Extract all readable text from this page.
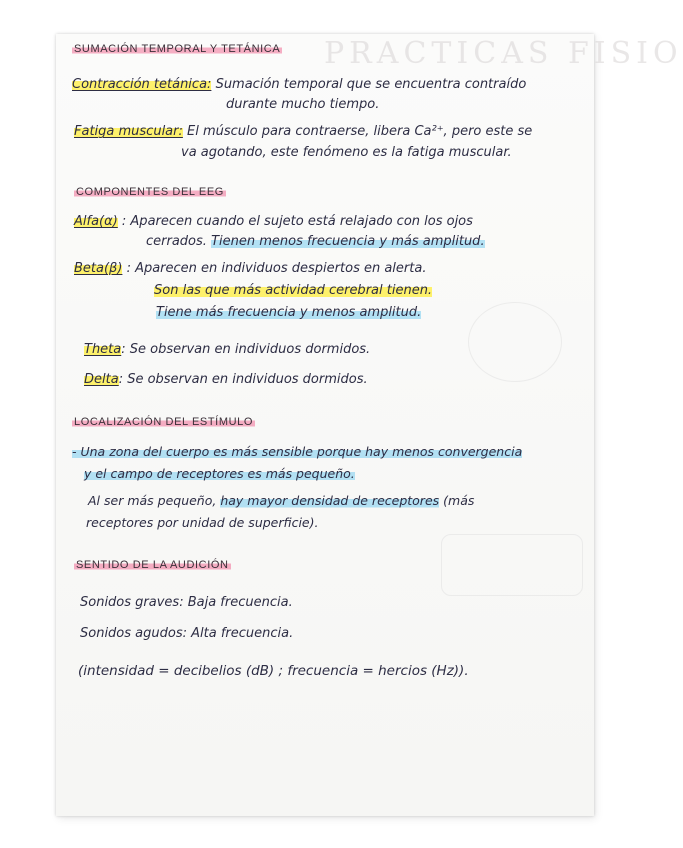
PRACTICAS FISIO
SUMACIÓN TEMPORAL Y TETÁNICA
Contracción tetánica: Sumación temporal que se encuentra contraído
durante mucho tiempo.
Fatiga muscular: El músculo para contraerse, libera Ca²⁺, pero este se
va agotando, este fenómeno es la fatiga muscular.
COMPONENTES DEL EEG
Alfa(α) : Aparecen cuando el sujeto está relajado con los ojos
cerrados. Tienen menos frecuencia y más amplitud.
Beta(β) : Aparecen en individuos despiertos en alerta.
Son las que más actividad cerebral tienen.
Tiene más frecuencia y menos amplitud.
Theta: Se observan en individuos dormidos.
Delta: Se observan en individuos dormidos.
LOCALIZACIÓN DEL ESTÍMULO
- Una zona del cuerpo es más sensible porque hay menos convergencia
y el campo de receptores es más pequeño.
Al ser más pequeño, hay mayor densidad de receptores (más
receptores por unidad de superficie).
SENTIDO DE LA AUDICIÓN
Sonidos graves: Baja frecuencia.
Sonidos agudos: Alta frecuencia.
(intensidad = decibelios (dB) ; frecuencia = hercios (Hz)).
